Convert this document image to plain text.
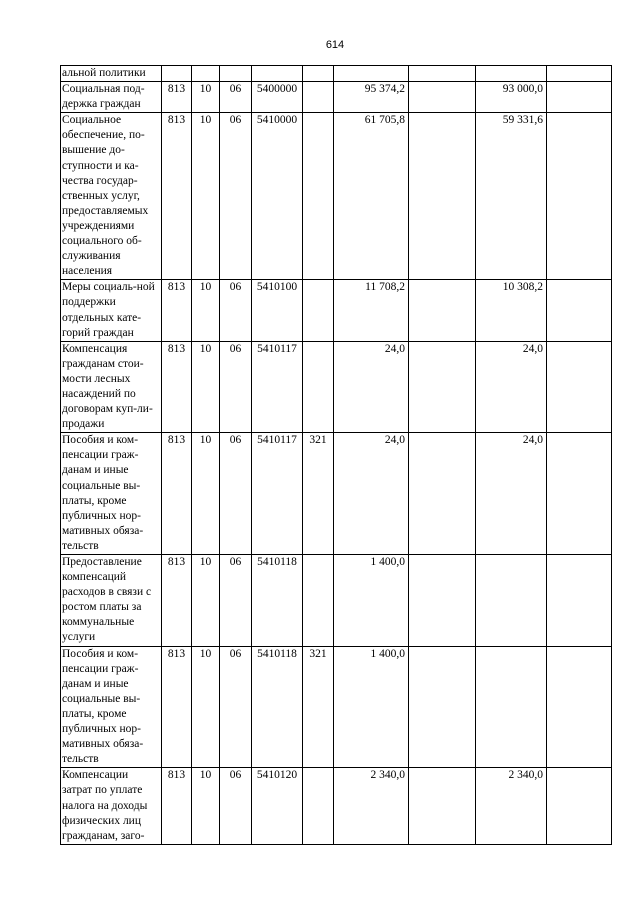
614
альной политики									
Социальная под-держка граждан	813	10	06	5400000		95 374,2		93 000,0	
Социальное обеспечение, по-вышение до-ступности и ка-чества государ-ственных услуг, предоставляемых учреждениями социального об-служивания населения	813	10	06	5410000		61 705,8		59 331,6	
Меры социаль-ной поддержки отдельных кате-горий граждан	813	10	06	5410100		11 708,2		10 308,2	
Компенсация гражданам стои-мости лесных насаждений по договорам куп-ли-продажи	813	10	06	5410117		24,0		24,0	
Пособия и ком-пенсации граж-данам и иные социальные вы-платы, кроме публичных нор-мативных обяза-тельств	813	10	06	5410117	321	24,0		24,0	
Предоставление компенсаций расходов в связи с ростом платы за коммунальные услуги	813	10	06	5410118		1 400,0			
Пособия и ком-пенсации граж-данам и иные социальные вы-платы, кроме публичных нор-мативных обяза-тельств	813	10	06	5410118	321	1 400,0			
Компенсации затрат по уплате налога на доходы физических лиц гражданам, заго-	813	10	06	5410120		2 340,0		2 340,0	
